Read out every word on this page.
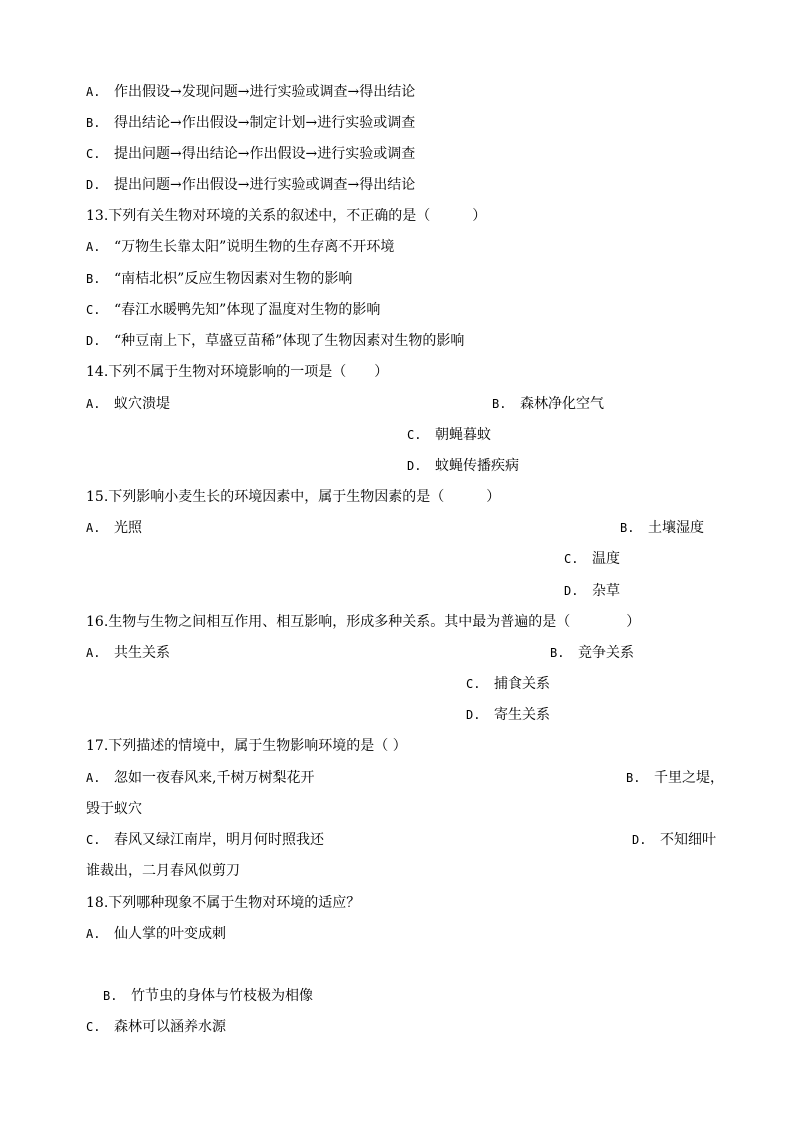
A. 作出假设→发现问题→进行实验或调查→得出结论
B. 得出结论→作出假设→制定计划→进行实验或调查
C. 提出问题→得出结论→作出假设→进行实验或调查
D. 提出问题→作出假设→进行实验或调查→得出结论
13.下列有关生物对环境的关系的叙述中，不正确的是（　　　）
A. “万物生长靠太阳”说明生物的生存离不开环境
B. “南桔北枳”反应生物因素对生物的影响
C. “春江水暖鸭先知”体现了温度对生物的影响
D. “种豆南上下，草盛豆苗稀”体现了生物因素对生物的影响
14.下列不属于生物对环境影响的一项是（　　）
A. 蚁穴溃堤	B. 森林净化空气
C. 朝蝇暮蚊
D. 蚊蝇传播疾病
15.下列影响小麦生长的环境因素中，属于生物因素的是（　　　）
A. 光照	B. 土壤湿度
C. 温度
D. 杂草
16.生物与生物之间相互作用、相互影响，形成多种关系。其中最为普遍的是（　　　　）
A. 共生关系	B. 竞争关系
C. 捕食关系
D. 寄生关系
17.下列描述的情境中，属于生物影响环境的是（ ）
A. 忽如一夜春风来,千树万树梨花开	B. 千里之堤，
毁于蚁穴
C. 春风又绿江南岸，明月何时照我还	D. 不知细叶
谁裁出，二月春风似剪刀
18.下列哪种现象不属于生物对环境的适应？
A. 仙人掌的叶变成刺
B. 竹节虫的身体与竹枝极为相像
C. 森林可以涵养水源
